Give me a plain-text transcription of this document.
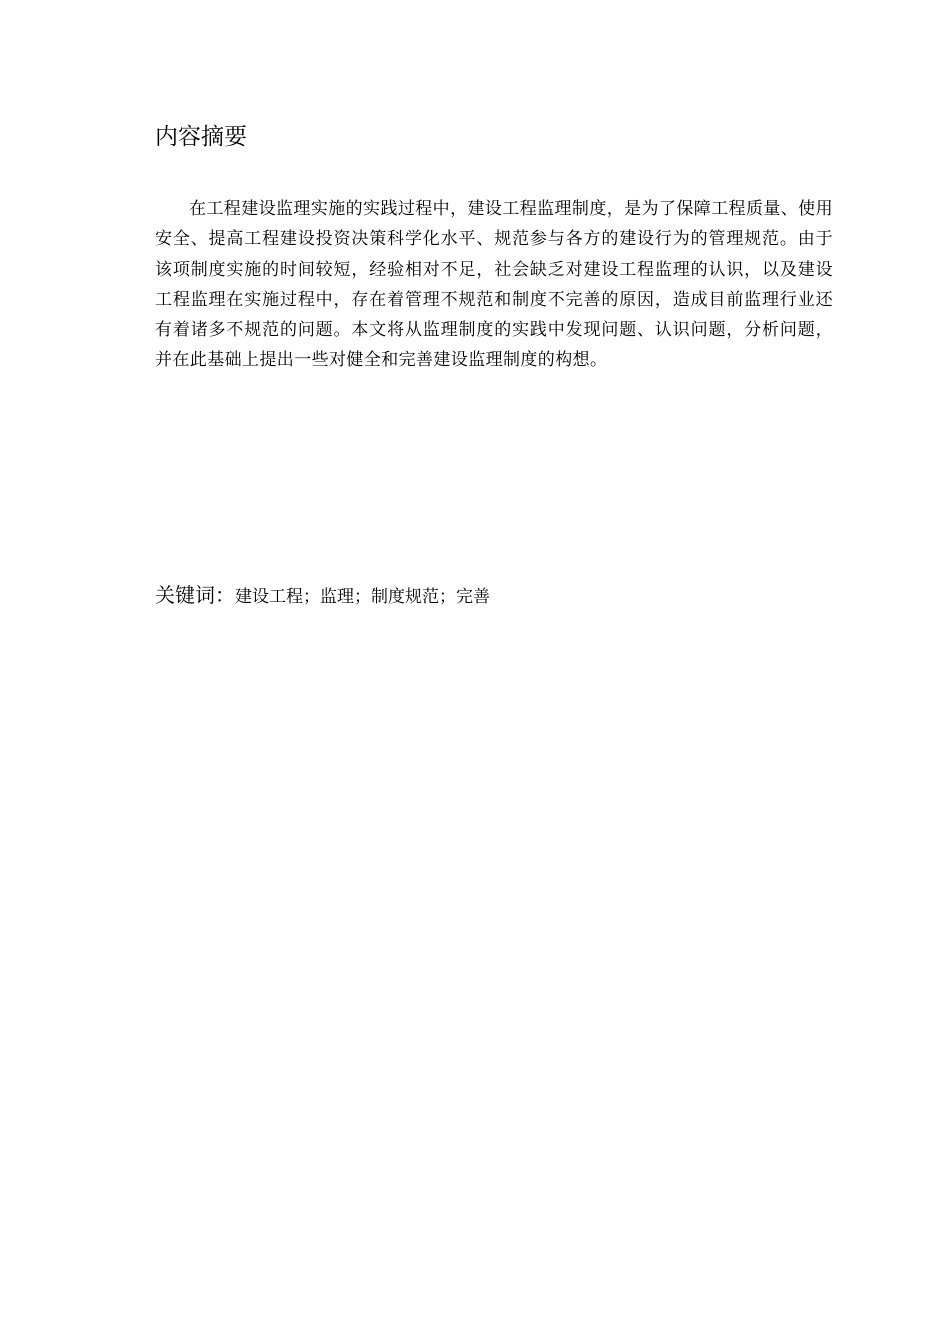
内容摘要

在工程建设监理实施的实践过程中，建设工程监理制度，是为了保障工程质量、使用安全、提高工程建设投资决策科学化水平、规范参与各方的建设行为的管理规范。由于该项制度实施的时间较短，经验相对不足，社会缺乏对建设工程监理的认识，以及建设工程监理在实施过程中，存在着管理不规范和制度不完善的原因，造成目前监理行业还有着诸多不规范的问题。本文将从监理制度的实践中发现问题、认识问题，分析问题，并在此基础上提出一些对健全和完善建设监理制度的构想。

关键词：建设工程；监理；制度规范；完善
